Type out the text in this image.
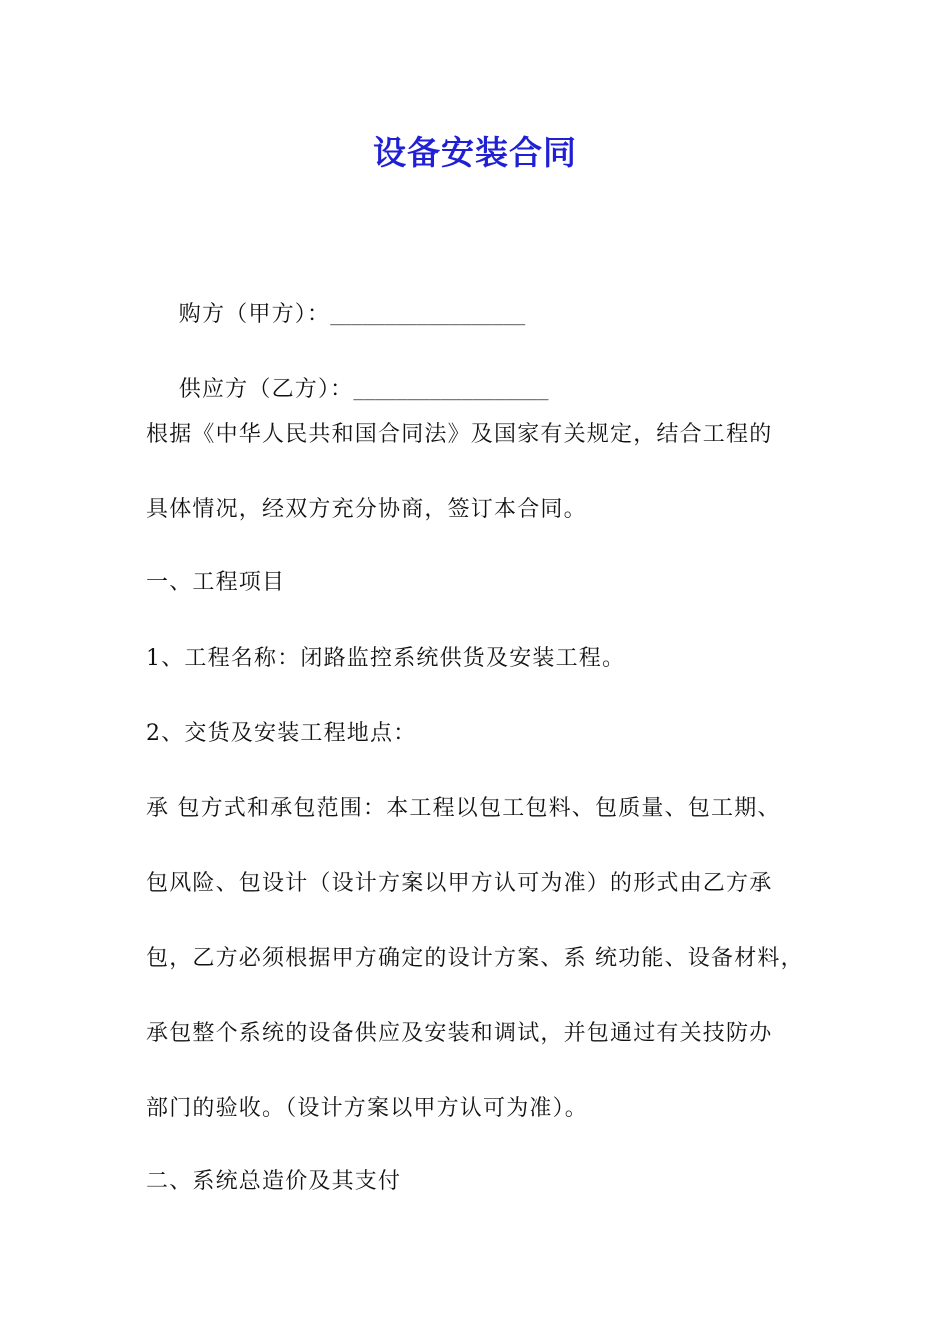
设备安装合同

购方（甲方）：__________________

供应方（乙方）：__________________

根据《中华人民共和国合同法》及国家有关规定，结合工程的
具体情况，经双方充分协商，签订本合同。
一、工程项目
1、工程名称：闭路监控系统供货及安装工程。
2、交货及安装工程地点：
承 包方式和承包范围：本工程以包工包料、包质量、包工期、
包风险、包设计（设计方案以甲方认可为准）的形式由乙方承
包，乙方必须根据甲方确定的设计方案、系 统功能、设备材料，
承包整个系统的设备供应及安装和调试，并包通过有关技防办
部门的验收。（设计方案以甲方认可为准）。
二、系统总造价及其支付
